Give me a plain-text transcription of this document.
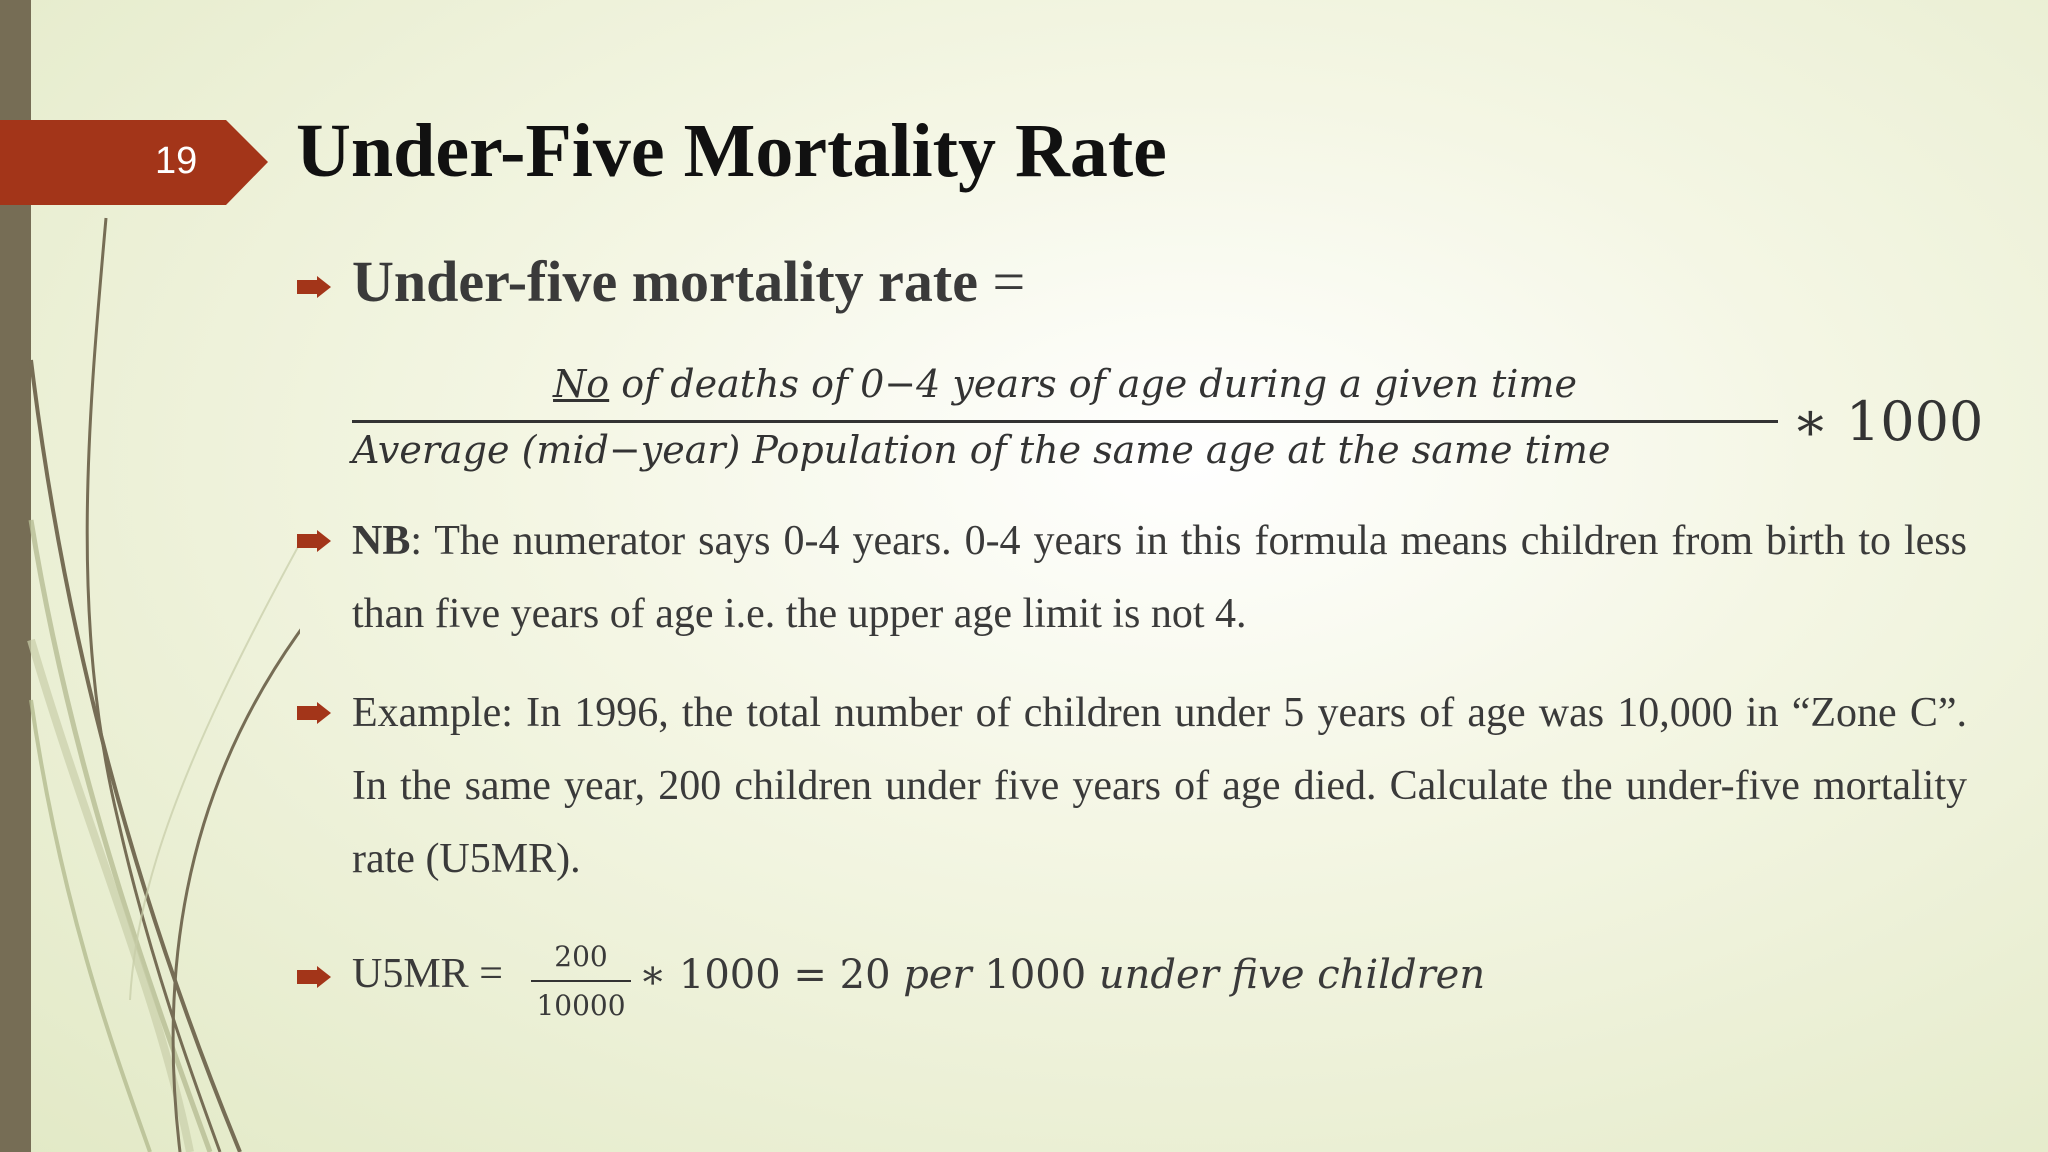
19 Under-Five Mortality Rate
Under-five mortality rate =
No of deaths of 0−4 years of age during a given time
Average (mid−year) Population of the same age at the same time	∗ 1000
NB: The numerator says 0-4 years. 0-4 years in this formula means children from birth to less than five years of age i.e. the upper age limit is not 4.
Example: In 1996, the total number of children under 5 years of age was 10,000 in “Zone C”. In the same year, 200 children under five years of age died. Calculate the under-five mortality rate (U5MR).
U5MR =	200
10000
∗ 1000 = 20 per 1000 under five children
